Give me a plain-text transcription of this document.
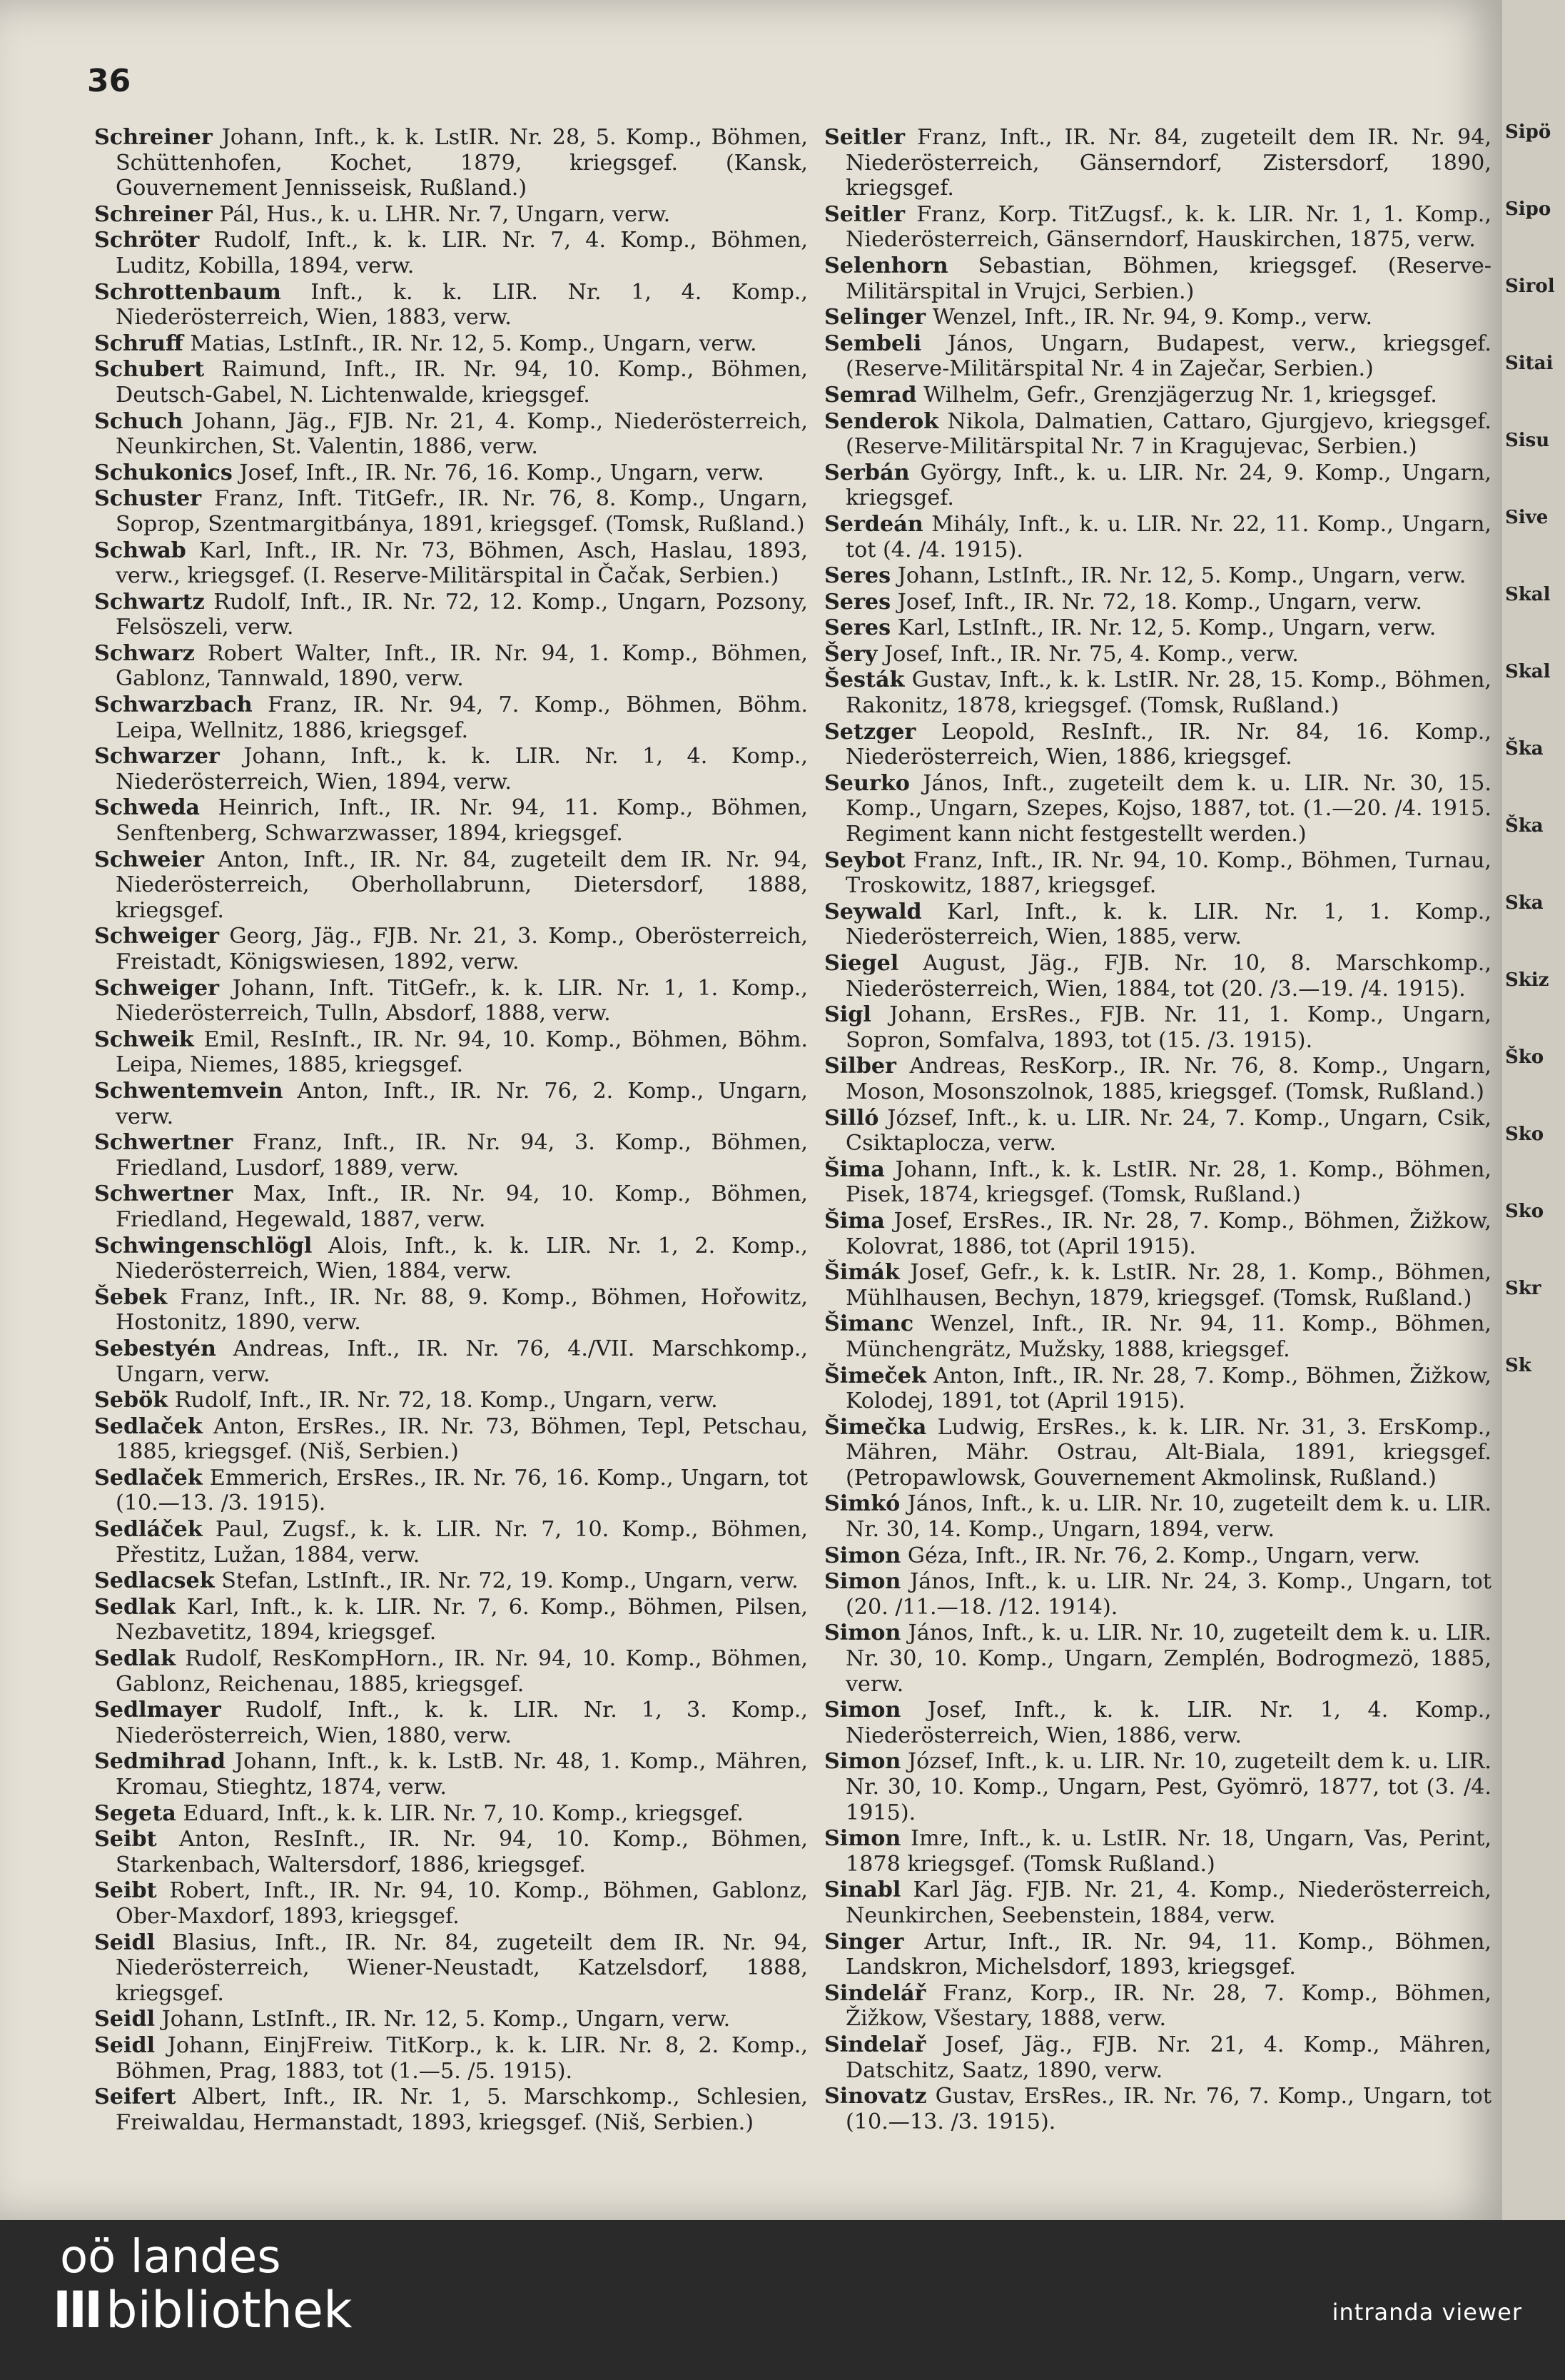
36

Schreiner Johann, Inft., k. k. LstIR. Nr. 28, 5. Komp., Böhmen, Schüttenhofen, Kochet, 1879, kriegsgef. (Kansk, Gouvernement Jennisseisk, Rußland.)

Schreiner Pál, Hus., k. u. LHR. Nr. 7, Ungarn, verw.

Schröter Rudolf, Inft., k. k. LIR. Nr. 7, 4. Komp., Böhmen, Luditz, Kobilla, 1894, verw.

Schrottenbaum Inft., k. k. LIR. Nr. 1, 4. Komp., Niederösterreich, Wien, 1883, verw.

Schruff Matias, LstInft., IR. Nr. 12, 5. Komp., Ungarn, verw.

Schubert Raimund, Inft., IR. Nr. 94, 10. Komp., Böhmen, Deutsch-Gabel, N. Lichtenwalde, kriegsgef.

Schuch Johann, Jäg., FJB. Nr. 21, 4. Komp., Niederösterreich, Neunkirchen, St. Valentin, 1886, verw.

Schukonics Josef, Inft., IR. Nr. 76, 16. Komp., Ungarn, verw.

Schuster Franz, Inft. TitGefr., IR. Nr. 76, 8. Komp., Ungarn, Soprop, Szentmargitbánya, 1891, kriegsgef. (Tomsk, Rußland.)

Schwab Karl, Inft., IR. Nr. 73, Böhmen, Asch, Haslau, 1893, verw., kriegsgef. (I. Reserve-Militärspital in Čačak, Serbien.)

Schwartz Rudolf, Inft., IR. Nr. 72, 12. Komp., Ungarn, Pozsony, Felsöszeli, verw.

Schwarz Robert Walter, Inft., IR. Nr. 94, 1. Komp., Böhmen, Gablonz, Tannwald, 1890, verw.

Schwarzbach Franz, IR. Nr. 94, 7. Komp., Böhmen, Böhm. Leipa, Wellnitz, 1886, kriegsgef.

Schwarzer Johann, Inft., k. k. LIR. Nr. 1, 4. Komp., Niederösterreich, Wien, 1894, verw.

Schweda Heinrich, Inft., IR. Nr. 94, 11. Komp., Böhmen, Senftenberg, Schwarzwasser, 1894, kriegsgef.

Schweier Anton, Inft., IR. Nr. 84, zugeteilt dem IR. Nr. 94, Niederösterreich, Oberhollabrunn, Dietersdorf, 1888, kriegsgef.

Schweiger Georg, Jäg., FJB. Nr. 21, 3. Komp., Oberösterreich, Freistadt, Königswiesen, 1892, verw.

Schweiger Johann, Inft. TitGefr., k. k. LIR. Nr. 1, 1. Komp., Niederösterreich, Tulln, Absdorf, 1888, verw.

Schweik Emil, ResInft., IR. Nr. 94, 10. Komp., Böhmen, Böhm. Leipa, Niemes, 1885, kriegsgef.

Schwentemvein Anton, Inft., IR. Nr. 76, 2. Komp., Ungarn, verw.

Schwertner Franz, Inft., IR. Nr. 94, 3. Komp., Böhmen, Friedland, Lusdorf, 1889, verw.

Schwertner Max, Inft., IR. Nr. 94, 10. Komp., Böhmen, Friedland, Hegewald, 1887, verw.

Schwingenschlögl Alois, Inft., k. k. LIR. Nr. 1, 2. Komp., Niederösterreich, Wien, 1884, verw.

Šebek Franz, Inft., IR. Nr. 88, 9. Komp., Böhmen, Hořowitz, Hostonitz, 1890, verw.

Sebestyén Andreas, Inft., IR. Nr. 76, 4./VII. Marschkomp., Ungarn, verw.

Sebök Rudolf, Inft., IR. Nr. 72, 18. Komp., Ungarn, verw.

Sedlaček Anton, ErsRes., IR. Nr. 73, Böhmen, Tepl, Petschau, 1885, kriegsgef. (Niš, Serbien.)

Sedlaček Emmerich, ErsRes., IR. Nr. 76, 16. Komp., Ungarn, tot (10.—13. /3. 1915).

Sedláček Paul, Zugsf., k. k. LIR. Nr. 7, 10. Komp., Böhmen, Přestitz, Lužan, 1884, verw.

Sedlacsek Stefan, LstInft., IR. Nr. 72, 19. Komp., Ungarn, verw.

Sedlak Karl, Inft., k. k. LIR. Nr. 7, 6. Komp., Böhmen, Pilsen, Nezbavetitz, 1894, kriegsgef.

Sedlak Rudolf, ResKompHorn., IR. Nr. 94, 10. Komp., Böhmen, Gablonz, Reichenau, 1885, kriegsgef.

Sedlmayer Rudolf, Inft., k. k. LIR. Nr. 1, 3. Komp., Niederösterreich, Wien, 1880, verw.

Sedmihrad Johann, Inft., k. k. LstB. Nr. 48, 1. Komp., Mähren, Kromau, Stieghtz, 1874, verw.

Segeta Eduard, Inft., k. k. LIR. Nr. 7, 10. Komp., kriegsgef.

Seibt Anton, ResInft., IR. Nr. 94, 10. Komp., Böhmen, Starkenbach, Waltersdorf, 1886, kriegsgef.

Seibt Robert, Inft., IR. Nr. 94, 10. Komp., Böhmen, Gablonz, Ober-Maxdorf, 1893, kriegsgef.

Seidl Blasius, Inft., IR. Nr. 84, zugeteilt dem IR. Nr. 94, Niederösterreich, Wiener-Neustadt, Katzelsdorf, 1888, kriegsgef.

Seidl Johann, LstInft., IR. Nr. 12, 5. Komp., Ungarn, verw.

Seidl Johann, EinjFreiw. TitKorp., k. k. LIR. Nr. 8, 2. Komp., Böhmen, Prag, 1883, tot (1.—5. /5. 1915).

Seifert Albert, Inft., IR. Nr. 1, 5. Marschkomp., Schlesien, Freiwaldau, Hermanstadt, 1893, kriegsgef. (Niš, Serbien.)

Seitler Franz, Inft., IR. Nr. 84, zugeteilt dem IR. Nr. 94, Niederösterreich, Gänserndorf, Zistersdorf, 1890, kriegsgef.

Seitler Franz, Korp. TitZugsf., k. k. LIR. Nr. 1, 1. Komp., Niederösterreich, Gänserndorf, Hauskirchen, 1875, verw.

Selenhorn Sebastian, Böhmen, kriegsgef. (Reserve-Militärspital in Vrujci, Serbien.)

Selinger Wenzel, Inft., IR. Nr. 94, 9. Komp., verw.

Sembeli János, Ungarn, Budapest, verw., kriegsgef. (Reserve-Militärspital Nr. 4 in Zaječar, Serbien.)

Semrad Wilhelm, Gefr., Grenzjägerzug Nr. 1, kriegsgef.

Senderok Nikola, Dalmatien, Cattaro, Gjurgjevo, kriegsgef. (Reserve-Militärspital Nr. 7 in Kragujevac, Serbien.)

Serbán György, Inft., k. u. LIR. Nr. 24, 9. Komp., Ungarn, kriegsgef.

Serdeán Mihály, Inft., k. u. LIR. Nr. 22, 11. Komp., Ungarn, tot (4. /4. 1915).

Seres Johann, LstInft., IR. Nr. 12, 5. Komp., Ungarn, verw.

Seres Josef, Inft., IR. Nr. 72, 18. Komp., Ungarn, verw.

Seres Karl, LstInft., IR. Nr. 12, 5. Komp., Ungarn, verw.

Šery Josef, Inft., IR. Nr. 75, 4. Komp., verw.

Šesták Gustav, Inft., k. k. LstIR. Nr. 28, 15. Komp., Böhmen, Rakonitz, 1878, kriegsgef. (Tomsk, Rußland.)

Setzger Leopold, ResInft., IR. Nr. 84, 16. Komp., Niederösterreich, Wien, 1886, kriegsgef.

Seurko János, Inft., zugeteilt dem k. u. LIR. Nr. 30, 15. Komp., Ungarn, Szepes, Kojso, 1887, tot. (1.—20. /4. 1915. Regiment kann nicht festgestellt werden.)

Seybot Franz, Inft., IR. Nr. 94, 10. Komp., Böhmen, Turnau, Troskowitz, 1887, kriegsgef.

Seywald Karl, Inft., k. k. LIR. Nr. 1, 1. Komp., Niederösterreich, Wien, 1885, verw.

Siegel August, Jäg., FJB. Nr. 10, 8. Marschkomp., Niederösterreich, Wien, 1884, tot (20. /3.—19. /4. 1915).

Sigl Johann, ErsRes., FJB. Nr. 11, 1. Komp., Ungarn, Sopron, Somfalva, 1893, tot (15. /3. 1915).

Silber Andreas, ResKorp., IR. Nr. 76, 8. Komp., Ungarn, Moson, Mosonszolnok, 1885, kriegsgef. (Tomsk, Rußland.)

Silló József, Inft., k. u. LIR. Nr. 24, 7. Komp., Ungarn, Csik, Csiktaplocza, verw.

Šima Johann, Inft., k. k. LstIR. Nr. 28, 1. Komp., Böhmen, Pisek, 1874, kriegsgef. (Tomsk, Rußland.)

Šima Josef, ErsRes., IR. Nr. 28, 7. Komp., Böhmen, Žižkow, Kolovrat, 1886, tot (April 1915).

Šimák Josef, Gefr., k. k. LstIR. Nr. 28, 1. Komp., Böhmen, Mühlhausen, Bechyn, 1879, kriegsgef. (Tomsk, Rußland.)

Šimanc Wenzel, Inft., IR. Nr. 94, 11. Komp., Böhmen, Münchengrätz, Mužsky, 1888, kriegsgef.

Šimeček Anton, Inft., IR. Nr. 28, 7. Komp., Böhmen, Žižkow, Kolodej, 1891, tot (April 1915).

Šimečka Ludwig, ErsRes., k. k. LIR. Nr. 31, 3. ErsKomp., Mähren, Mähr. Ostrau, Alt-Biala, 1891, kriegsgef. (Petropawlowsk, Gouvernement Akmolinsk, Rußland.)

Simkó János, Inft., k. u. LIR. Nr. 10, zugeteilt dem k. u. LIR. Nr. 30, 14. Komp., Ungarn, 1894, verw.

Simon Géza, Inft., IR. Nr. 76, 2. Komp., Ungarn, verw.

Simon János, Inft., k. u. LIR. Nr. 24, 3. Komp., Ungarn, tot (20. /11.—18. /12. 1914).

Simon János, Inft., k. u. LIR. Nr. 10, zugeteilt dem k. u. LIR. Nr. 30, 10. Komp., Ungarn, Zemplén, Bodrogmezö, 1885, verw.

Simon Josef, Inft., k. k. LIR. Nr. 1, 4. Komp., Niederösterreich, Wien, 1886, verw.

Simon József, Inft., k. u. LIR. Nr. 10, zugeteilt dem k. u. LIR. Nr. 30, 10. Komp., Ungarn, Pest, Gyömrö, 1877, tot (3. /4. 1915).

Simon Imre, Inft., k. u. LstIR. Nr. 18, Ungarn, Vas, Perint, 1878 kriegsgef. (Tomsk Rußland.)

Sinabl Karl Jäg. FJB. Nr. 21, 4. Komp., Niederösterreich, Neunkirchen, Seebenstein, 1884, verw.

Singer Artur, Inft., IR. Nr. 94, 11. Komp., Böhmen, Landskron, Michelsdorf, 1893, kriegsgef.

Sindelář Franz, Korp., IR. Nr. 28, 7. Komp., Böhmen, Žižkow, Všestary, 1888, verw.

Sindelař Josef, Jäg., FJB. Nr. 21, 4. Komp., Mähren, Datschitz, Saatz, 1890, verw.

Sinovatz Gustav, ErsRes., IR. Nr. 76, 7. Komp., Ungarn, tot (10.—13. /3. 1915).

Sipö
Sipo
Sirol
Sitai
Sisu
Sive
Skal
Skal
Ška
Ška
Ska
Skiz
Ško
Sko
Sko
Skr
Sk
oö landes
III bibliothek	intranda viewer
